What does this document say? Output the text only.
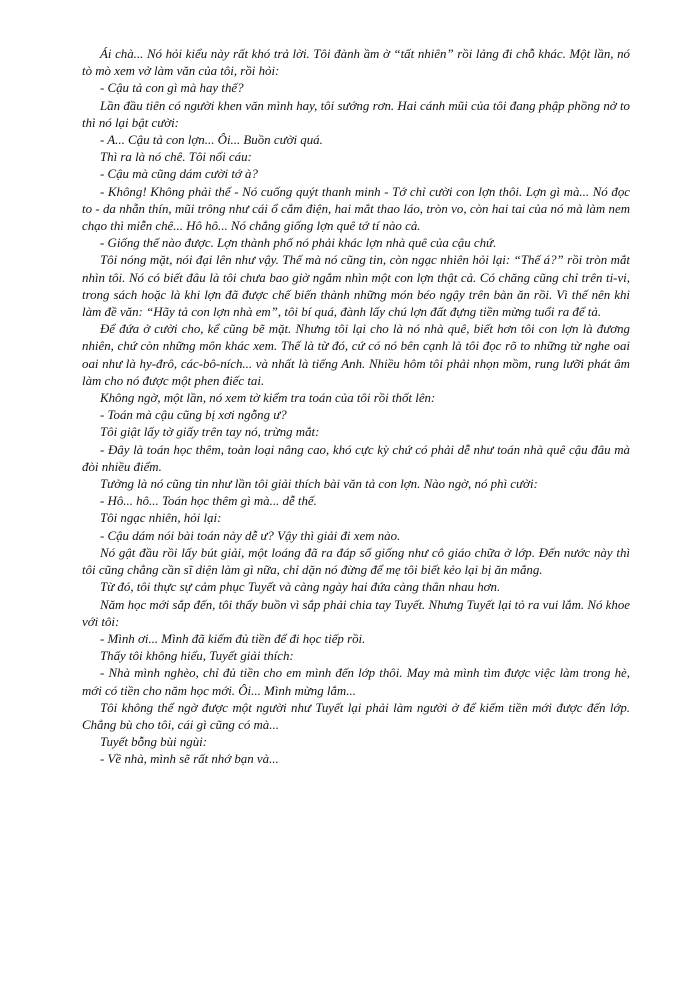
Ái chà... Nó hỏi kiểu này rất khó trả lời. Tôi đành ầm ờ “tất nhiên” rồi lảng đi chỗ khác. Một lần, nó tò mò xem vở làm văn của tôi, rồi hỏi:

- Cậu tả con gì mà hay thế?

Lần đầu tiên có người khen văn mình hay, tôi sướng rơn. Hai cánh mũi của tôi đang phập phồng nở to thì nó lại bật cười:

- A... Cậu tả con lợn... Ôi... Buồn cười quá.

Thì ra là nó chê. Tôi nổi cáu:

- Cậu mà cũng dám cười tớ à?

- Không! Không phải thế - Nó cuống quýt thanh minh - Tớ chỉ cười con lợn thôi. Lợn gì mà... Nó đọc to - da nhẵn thín, mũi trông như cái ổ cắm điện, hai mắt thao láo, tròn vo, còn hai tai của nó mà làm nem chạo thì miễn chê... Hô hô... Nó chẳng giống lợn quê tớ tí nào cả.

- Giống thế nào được. Lợn thành phố nó phải khác lợn nhà quê của cậu chứ.

Tôi nóng mặt, nói đại lên như vậy. Thế mà nó cũng tin, còn ngạc nhiên hỏi lại: “Thế á?” rồi tròn mắt nhìn tôi. Nó có biết đâu là tôi chưa bao giờ ngắm nhìn một con lợn thật cả. Có chăng cũng chỉ trên ti-vi, trong sách hoặc là khi lợn đã được chế biến thành những món béo ngậy trên bàn ăn rồi. Vì thế nên khi làm đề văn: “Hãy tả con lợn nhà em”, tôi bí quá, đành lấy chú lợn đất đựng tiền mừng tuổi ra để tả.

Để đứa ở cười cho, kể cũng bẽ mặt. Nhưng tôi lại cho là nó nhà quê, biết hơn tôi con lợn là đương nhiên, chứ còn những môn khác xem. Thế là từ đó, cứ có nó bên cạnh là tôi đọc rõ to những từ nghe oai oai như là hy-đrô, các-bô-ních... và nhất là tiếng Anh. Nhiều hôm tôi phải nhọn mồm, rung lưỡi phát âm làm cho nó được một phen điếc tai.

Không ngờ, một lần, nó xem tờ kiểm tra toán của tôi rồi thốt lên:

- Toán mà cậu cũng bị xơi ngỗng ư?

Tôi giật lấy tờ giấy trên tay nó, trừng mắt:

- Đây là toán học thêm, toàn loại nâng cao, khó cực kỳ chứ có phải dễ như toán nhà quê cậu đâu mà đòi nhiều điểm.

Tưởng là nó cũng tin như lần tôi giải thích bài văn tả con lợn. Nào ngờ, nó phì cười:

- Hô... hô... Toán học thêm gì mà... dễ thế.

Tôi ngạc nhiên, hỏi lại:

- Cậu dám nói bài toán này dễ ư? Vậy thì giải đi xem nào.

Nó gật đầu rồi lấy bút giải, một loáng đã ra đáp số giống như cô giáo chữa ở lớp. Đến nước này thì tôi cũng chẳng cần sĩ diện làm gì nữa, chỉ dặn nó đừng để mẹ tôi biết kẻo lại bị ăn mắng.

Từ đó, tôi thực sự cảm phục Tuyết và càng ngày hai đứa càng thân nhau hơn.

Năm học mới sắp đến, tôi thấy buồn vì sắp phải chia tay Tuyết. Nhưng Tuyết lại tỏ ra vui lắm. Nó khoe với tôi:

- Mình ơi... Mình đã kiếm đủ tiền để đi học tiếp rồi.

Thấy tôi không hiểu, Tuyết giải thích:

- Nhà mình nghèo, chỉ đủ tiền cho em mình đến lớp thôi. May mà mình tìm được việc làm trong hè, mới có tiền cho năm học mới. Ôi... Mình mừng lắm...

Tôi không thể ngờ được một người như Tuyết lại phải làm người ở để kiếm tiền mới được đến lớp. Chẳng bù cho tôi, cái gì cũng có mà...

Tuyết bỗng bùi ngùi:

- Về nhà, mình sẽ rất nhớ bạn và...
